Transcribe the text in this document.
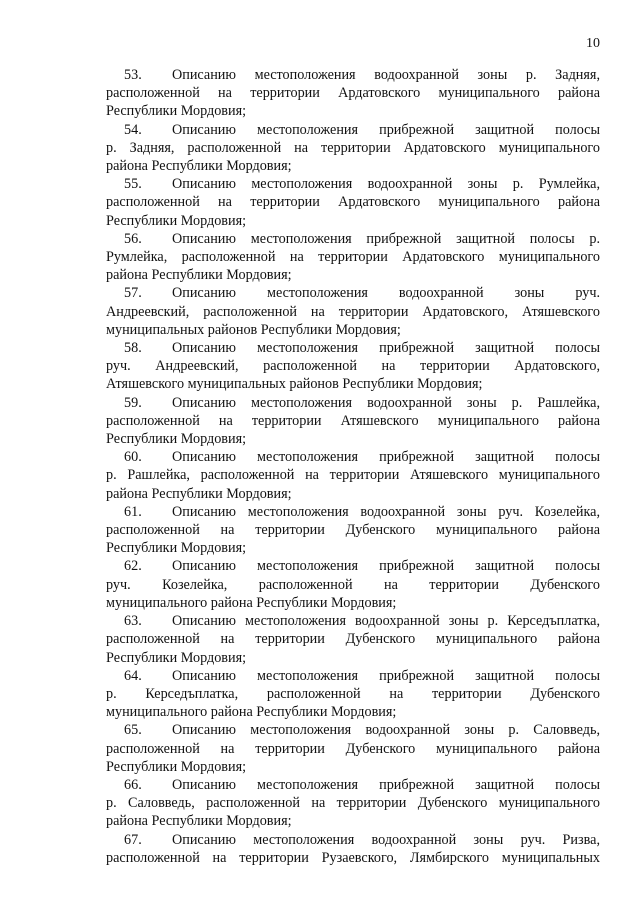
10
53. Описанию местоположения водоохранной зоны р. Задняя,
расположенной на территории Ардатовского муниципального района
Республики Мордовия;
54. Описанию местоположения прибрежной защитной полосы
р. Задняя, расположенной на территории Ардатовского муниципального
района Республики Мордовия;
55. Описанию местоположения водоохранной зоны р. Румлейка,
расположенной на территории Ардатовского муниципального района
Республики Мордовия;
56. Описанию местоположения прибрежной защитной полосы р.
Румлейка, расположенной на территории Ардатовского муниципального
района Республики Мордовия;
57. Описанию местоположения водоохранной зоны руч.
Андреевский, расположенной на территории Ардатовского, Атяшевского
муниципальных районов Республики Мордовия;
58. Описанию местоположения прибрежной защитной полосы
руч. Андреевский, расположенной на территории Ардатовского,
Атяшевского муниципальных районов Республики Мордовия;
59. Описанию местоположения водоохранной зоны р. Рашлейка,
расположенной на территории Атяшевского муниципального района
Республики Мордовия;
60. Описанию местоположения прибрежной защитной полосы
р. Рашлейка, расположенной на территории Атяшевского муниципального
района Республики Мордовия;
61. Описанию местоположения водоохранной зоны руч. Козелейка,
расположенной на территории Дубенского муниципального района
Республики Мордовия;
62. Описанию местоположения прибрежной защитной полосы
руч. Козелейка, расположенной на территории Дубенского
муниципального района Республики Мордовия;
63. Описанию местоположения водоохранной зоны р. Керседъплатка,
расположенной на территории Дубенского муниципального района
Республики Мордовия;
64. Описанию местоположения прибрежной защитной полосы
р. Керседъплатка, расположенной на территории Дубенского
муниципального района Республики Мордовия;
65. Описанию местоположения водоохранной зоны р. Саловведь,
расположенной на территории Дубенского муниципального района
Республики Мордовия;
66. Описанию местоположения прибрежной защитной полосы
р. Саловведь, расположенной на территории Дубенского муниципального
района Республики Мордовия;
67. Описанию местоположения водоохранной зоны руч. Ризва,
расположенной на территории Рузаевского, Лямбирского муниципальных
